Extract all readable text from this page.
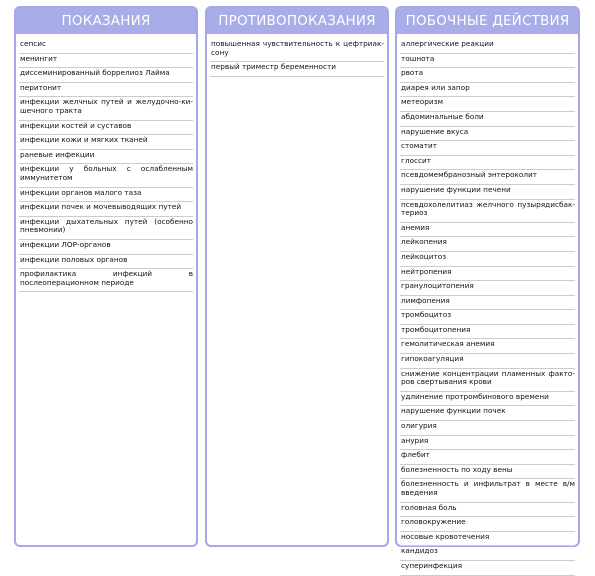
ПОКАЗАНИЯ
сепсис
менингит
диссеминированный боррелиоз Лайма
перитонит
инфекции желчных путей и желудочно-кишечного тракта
инфекции костей и суставов
инфекции кожи и мягких тканей
раневые инфекции
инфекции у больных с ослабленным иммунитетом
инфекции органов малого таза
инфекции почек и мочевыводящих путей
инфекции дыхательных путей (особенно пневмонии)
инфекции ЛОР-органов
инфекции половых органов
профилактика инфекций в послеоперационном периоде
ПРОТИВОПОКАЗАНИЯ
повышенная чувствительность к цефтриаксону
первый триместр беременности
ПОБОЧНЫЕ ДЕЙСТВИЯ
аллергические реакции
тошнота
рвота
диарея или запор
метеоризм
абдоминальные боли
нарушение вкуса
стоматит
глоссит
псевдомембранозный энтероколит
нарушение функции печени
псевдохолелитиаз желчного пузырядисбактериоз
анемия
лейкопения
лейкоцитоз
нейтропения
гранулоцитопения
лимфопения
тромбоцитоз
тромбоцитопения
гемолитическая анемия
гипокоагуляция
снижение концентрации пламенных факторов свертывания крови
удлинение протромбинового времени
нарушение функции почек
олигурия
анурия
флебит
болезненность по ходу вены
болезненность и инфильтрат в месте в/м введения
головная боль
головокружение
носовые кровотечения
кандидоз
суперинфекция
